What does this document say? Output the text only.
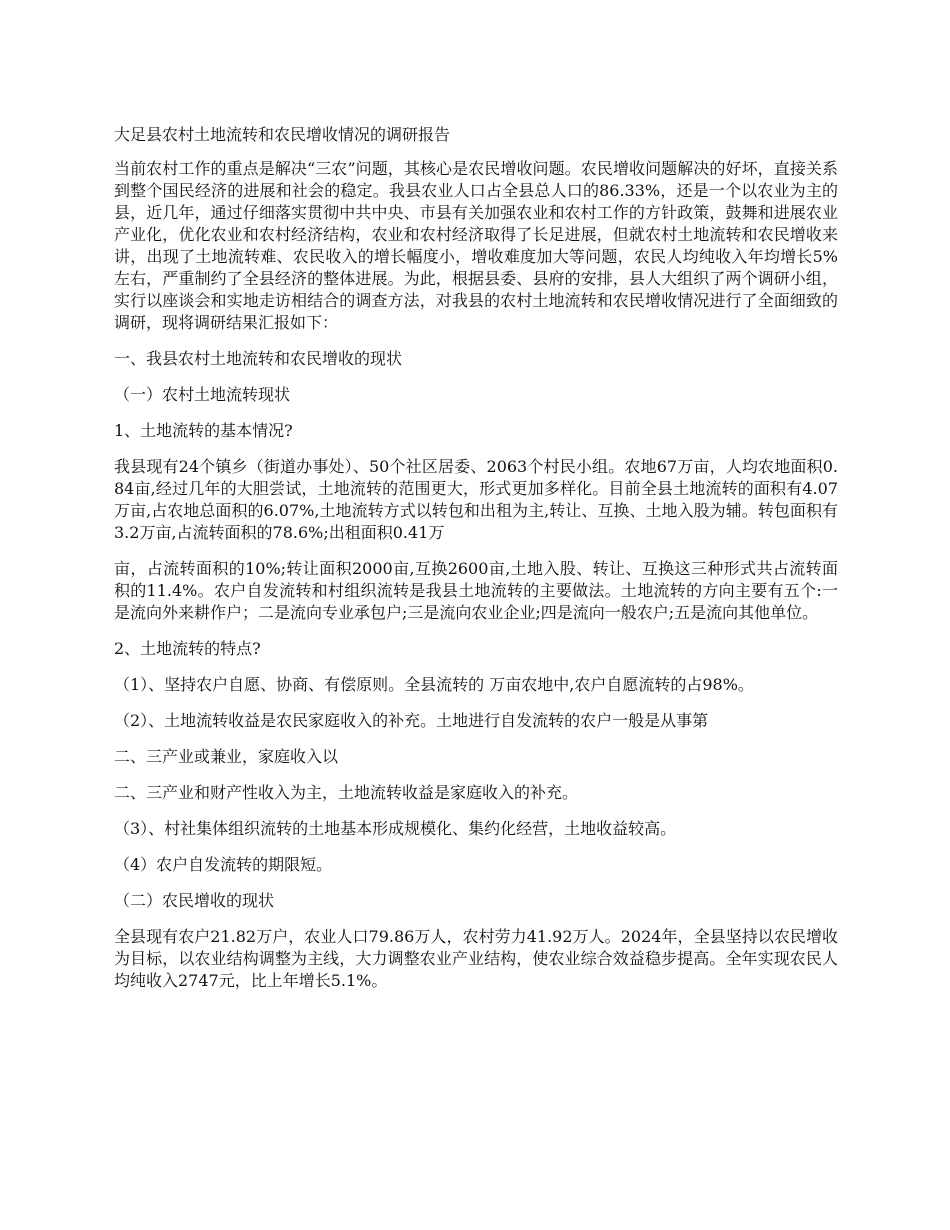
大足县农村土地流转和农民增收情况的调研报告

当前农村工作的重点是解决“三农”问题，其核心是农民增收问题。农民增收问题解决的好坏，直接关系到整个国民经济的进展和社会的稳定。我县农业人口占全县总人口的86.33%，还是一个以农业为主的县，近几年，通过仔细落实贯彻中共中央、市县有关加强农业和农村工作的方针政策，鼓舞和进展农业产业化，优化农业和农村经济结构，农业和农村经济取得了长足进展，但就农村土地流转和农民增收来讲，出现了土地流转难、农民收入的增长幅度小，增收难度加大等问题，农民人均纯收入年均增长5%左右，严重制约了全县经济的整体进展。为此，根据县委、县府的安排，县人大组织了两个调研小组，实行以座谈会和实地走访相结合的调查方法，对我县的农村土地流转和农民增收情况进行了全面细致的调研，现将调研结果汇报如下：

一、我县农村土地流转和农民增收的现状

（一）农村土地流转现状

1、土地流转的基本情况?

我县现有24个镇乡（街道办事处）、50个社区居委、2063个村民小组。农地67万亩，人均农地面积0.84亩,经过几年的大胆尝试，土地流转的范围更大，形式更加多样化。目前全县土地流转的面积有4.07万亩,占农地总面积的6.07%,土地流转方式以转包和出租为主,转让、互换、土地入股为辅。转包面积有3.2万亩,占流转面积的78.6%;出租面积0.41万

亩，占流转面积的10%;转让面积2000亩,互换2600亩,土地入股、转让、互换这三种形式共占流转面积的11.4%。农户自发流转和村组织流转是我县土地流转的主要做法。土地流转的方向主要有五个:一是流向外来耕作户；二是流向专业承包户;三是流向农业企业;四是流向一般农户;五是流向其他单位。

2、土地流转的特点?

（1）、坚持农户自愿、协商、有偿原则。全县流转的 万亩农地中,农户自愿流转的占98%。

（2）、土地流转收益是农民家庭收入的补充。土地进行自发流转的农户一般是从事第

二、三产业或兼业，家庭收入以

二、三产业和财产性收入为主，土地流转收益是家庭收入的补充。

（3）、村社集体组织流转的土地基本形成规模化、集约化经营，土地收益较高。

（4）农户自发流转的期限短。

（二）农民增收的现状

全县现有农户21.82万户，农业人口79.86万人，农村劳力41.92万人。2024年，全县坚持以农民增收为目标，以农业结构调整为主线，大力调整农业产业结构，使农业综合效益稳步提高。全年实现农民人均纯收入2747元，比上年增长5.1%。
